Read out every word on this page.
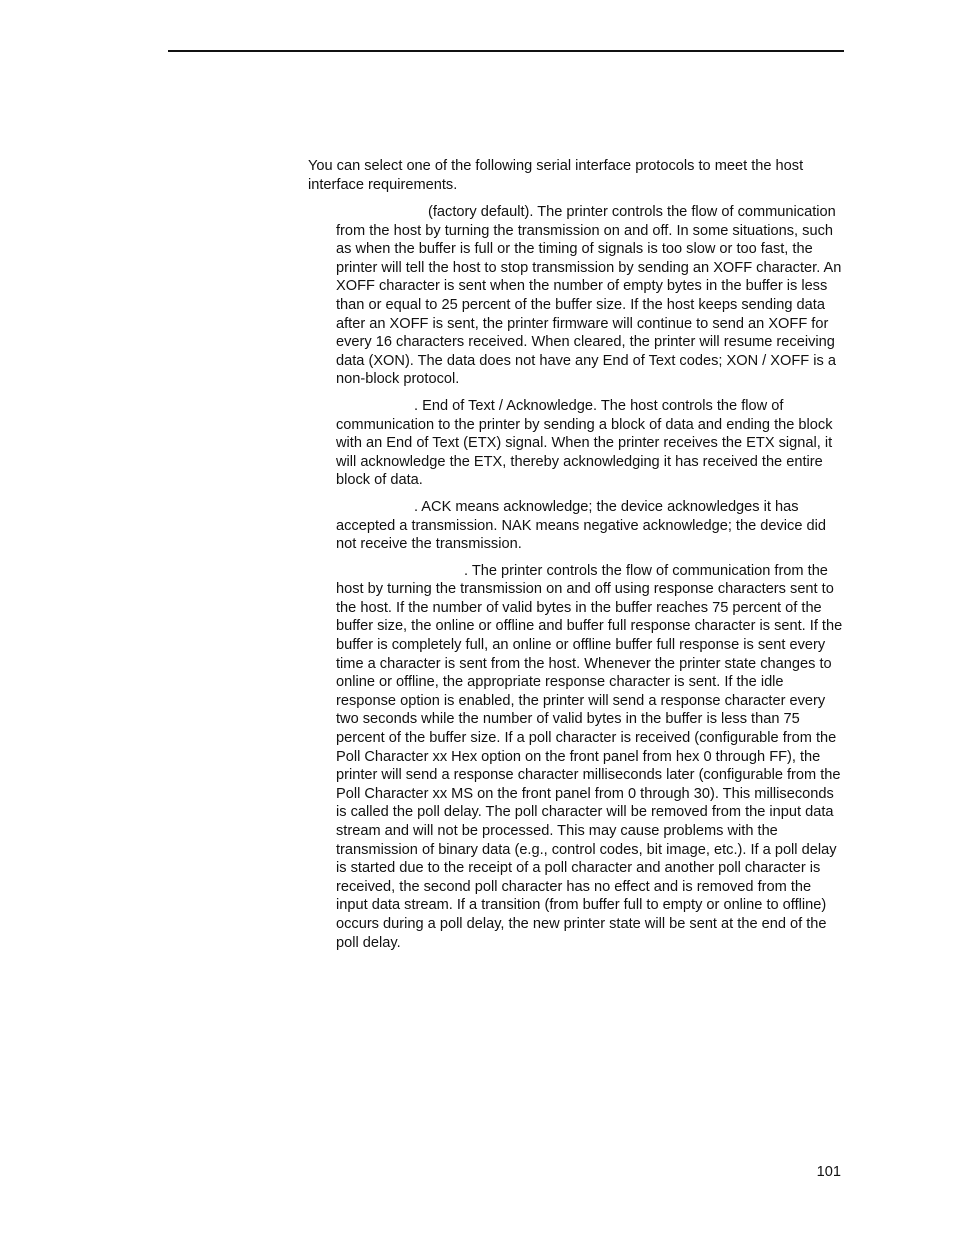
You can select one of the following serial interface protocols to meet the host interface requirements.

(factory default). The printer controls the flow of communication from the host by turning the transmission on and off. In some situations, such as when the buffer is full or the timing of signals is too slow or too fast, the printer will tell the host to stop transmission by sending an XOFF character. An XOFF character is sent when the number of empty bytes in the buffer is less than or equal to 25 percent of the buffer size. If the host keeps sending data after an XOFF is sent, the printer firmware will continue to send an XOFF for every 16 characters received. When cleared, the printer will resume receiving data (XON). The data does not have any End of Text codes; XON / XOFF is a non-block protocol.
. End of Text / Acknowledge. The host controls the flow of communication to the printer by sending a block of data and ending the block with an End of Text (ETX) signal. When the printer receives the ETX signal, it will acknowledge the ETX, thereby acknowledging it has received the entire block of data.
. ACK means acknowledge; the device acknowledges it has accepted a transmission. NAK means negative acknowledge; the device did not receive the transmission.
. The printer controls the flow of communication from the host by turning the transmission on and off using response characters sent to the host. If the number of valid bytes in the buffer reaches 75 percent of the buffer size, the online or offline and buffer full response character is sent. If the buffer is completely full, an online or offline buffer full response is sent every time a character is sent from the host. Whenever the printer state changes to online or offline, the appropriate response character is sent. If the idle response option is enabled, the printer will send a response character every two seconds while the number of valid bytes in the buffer is less than 75 percent of the buffer size. If a poll character is received (configurable from the Poll Character xx Hex option on the front panel from hex 0 through FF), the printer will send a response character milliseconds later (configurable from the Poll Character xx MS on the front panel from 0 through 30). This milliseconds is called the poll delay. The poll character will be removed from the input data stream and will not be processed. This may cause problems with the transmission of binary data (e.g., control codes, bit image, etc.). If a poll delay is started due to the receipt of a poll character and another poll character is received, the second poll character has no effect and is removed from the input data stream. If a transition (from buffer full to empty or online to offline) occurs during a poll delay, the new printer state will be sent at the end of the poll delay.
101
